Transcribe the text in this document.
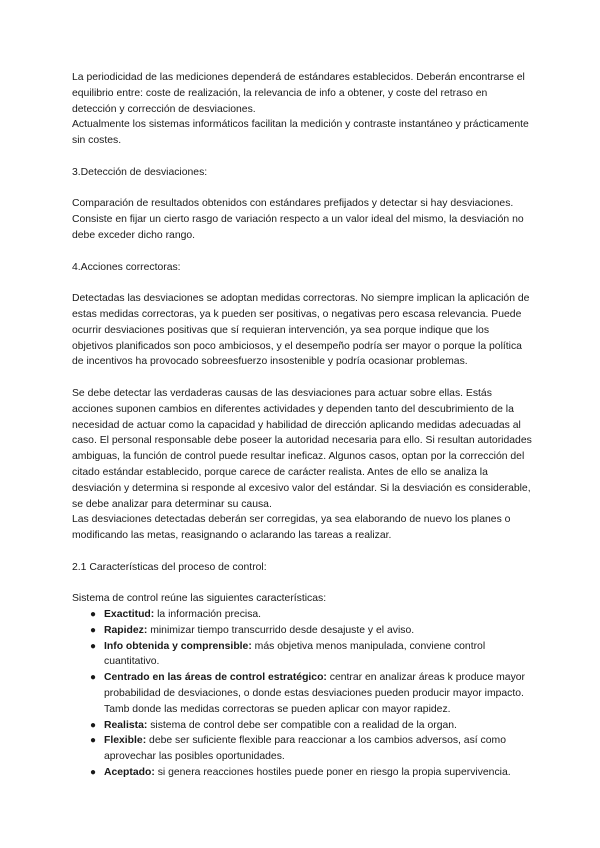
La periodicidad de las mediciones dependerá de estándares establecidos. Deberán encontrarse el equilibrio entre: coste de realización, la relevancia de info a obtener, y coste del retraso en detección y corrección de desviaciones.

Actualmente los sistemas informáticos facilitan la medición y contraste instantáneo y prácticamente sin costes.

3.Detección de desviaciones:

Comparación de resultados obtenidos con estándares prefijados y detectar si hay desviaciones. Consiste en fijar un cierto rasgo de variación respecto a un valor ideal del mismo, la desviación no debe exceder dicho rango.

4.Acciones correctoras:

Detectadas las desviaciones se adoptan medidas correctoras. No siempre implican la aplicación de estas medidas correctoras, ya k pueden ser positivas, o negativas pero escasa relevancia. Puede ocurrir desviaciones positivas que sí requieran intervención, ya sea porque indique que los objetivos planificados son poco ambiciosos, y el desempeño podría ser mayor o porque la política de incentivos ha provocado sobreesfuerzo insostenible y podría ocasionar problemas.

Se debe detectar las verdaderas causas de las desviaciones para actuar sobre ellas. Estás acciones suponen cambios en diferentes actividades y dependen tanto del descubrimiento de la necesidad de actuar como la capacidad y habilidad de dirección aplicando medidas adecuadas al caso. El personal responsable debe poseer la autoridad necesaria para ello. Si resultan autoridades ambiguas, la función de control puede resultar ineficaz. Algunos casos, optan por la corrección del citado estándar establecido, porque carece de carácter realista. Antes de ello se analiza la desviación y determina si responde al excesivo valor del estándar. Si la desviación es considerable, se debe analizar para determinar su causa.

Las desviaciones detectadas deberán ser corregidas, ya sea elaborando de nuevo los planes o modificando las metas, reasignando o aclarando las tareas a realizar.

2.1 Características del proceso de control:

Sistema de control reúne las siguientes características:

● Exactitud: la información precisa.
● Rapidez: minimizar tiempo transcurrido desde desajuste y el aviso.
● Info obtenida y comprensible: más objetiva menos manipulada, conviene control cuantitativo.
● Centrado en las áreas de control estratégico: centrar en analizar áreas k produce mayor probabilidad de desviaciones, o donde estas desviaciones pueden producir mayor impacto. Tamb donde las medidas correctoras se pueden aplicar con mayor rapidez.
● Realista: sistema de control debe ser compatible con a realidad de la organ.
● Flexible: debe ser suficiente flexible para reaccionar a los cambios adversos, así como aprovechar las posibles oportunidades.
● Aceptado: si genera reacciones hostiles puede poner en riesgo la propia supervivencia.
